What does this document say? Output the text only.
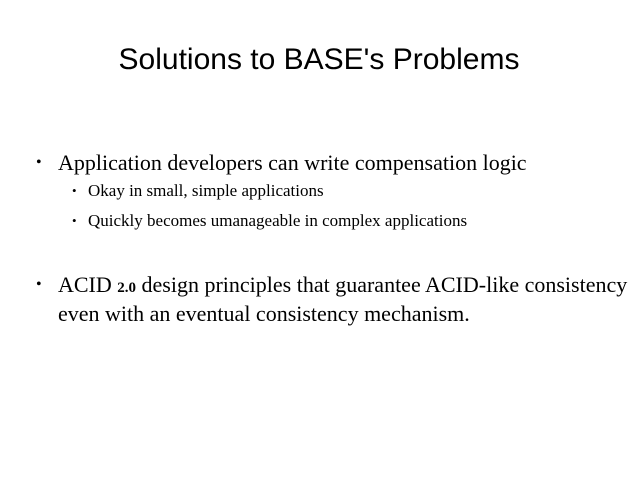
Solutions to BASE's Problems
• Application developers can write compensation logic
• Okay in small, simple applications
• Quickly becomes umanageable in complex applications
• ACID 2.0 design principles that guarantee ACID-like consistency even with an eventual consistency mechanism.
